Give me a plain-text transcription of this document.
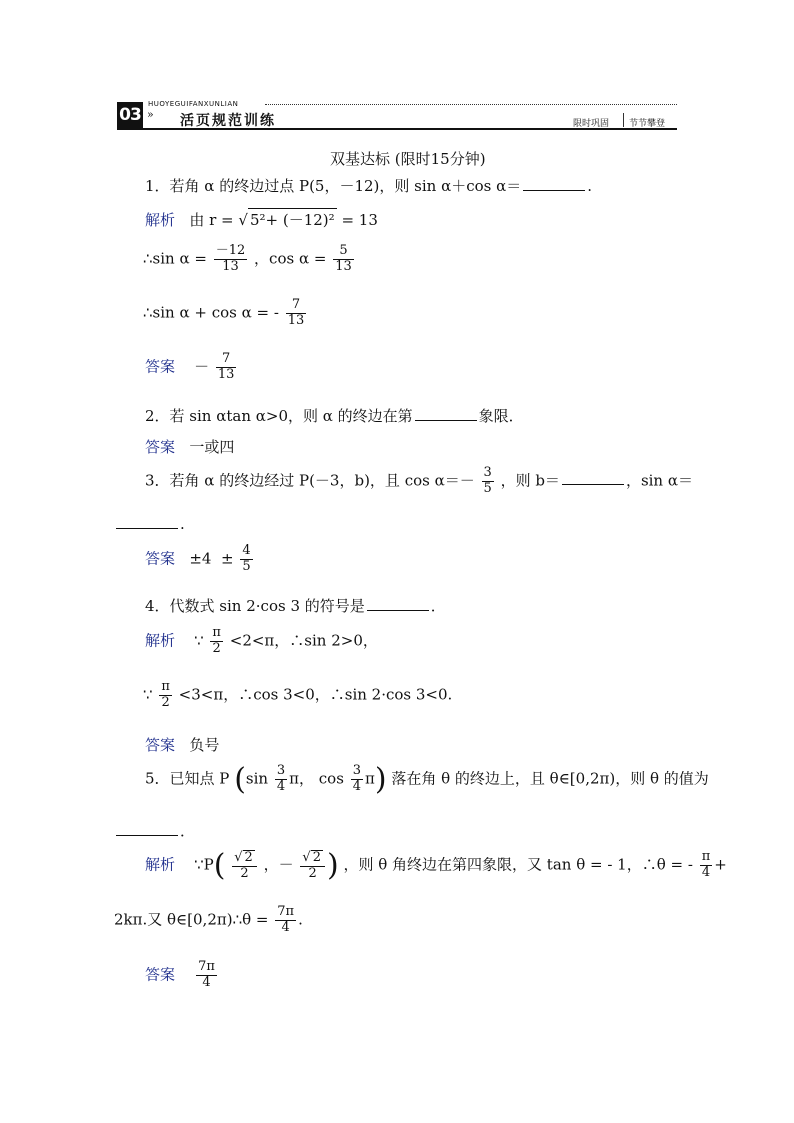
03
HUOYEGUIFANXUNLIAN
» 活页规范训练	限时巩固 节节攀登
双基达标 (限时15分钟)
1．若角 α 的终边过点 P(5，－12)，则 sin α＋cos α＝	.
解析 由 r = √ 5²+ (－12)² = 13
∴sin $\alpha = \frac{-12}{13}$ ，$\cos \alpha = \frac{5}{13}$
∴sin α + cos α = - $\frac{7}{13}$
答案 － $\frac{7}{13}$
2．若 sin αtan α>0，则 α 的终边在第	象限．
答案 一或四
3．若角 α 的终边经过 P(－3，b)，且 $\cos \alpha=- \frac{3}{5}$ ，则 b＝	，sin α＝
.
答案 $\pm 4 \pm \frac{4}{5}$
4．代数式 sin 2·cos 3 的符号是	．
解析 ∵ $\frac{\pi}{2} <2<\pi$，∴sin 2>0，
∵ $\frac{\pi}{2} <3<\pi$，∴cos 3<0，∴sin 2·cos 3<0.
答案 负号
5．已知点 P ($\sin \frac{3}{4}$ π， $\cos \frac{3}{4} \pi$) 落在角 θ 的终边上，且 θ∈[0,2π)，则 θ 的值为
．
解析 ∵P( $\frac{√ 2}{2}$ ，－ $\frac{√ 2}{2}$ ) ，则 θ 角终边在第四象限，又 tan θ = - 1，∴θ = - $\frac{\pi}{4}$ +
2kπ.又 θ∈[0,2π)∴θ = $\frac{7\pi}{4}$ .
答案 $\frac{7\pi}{4}$
